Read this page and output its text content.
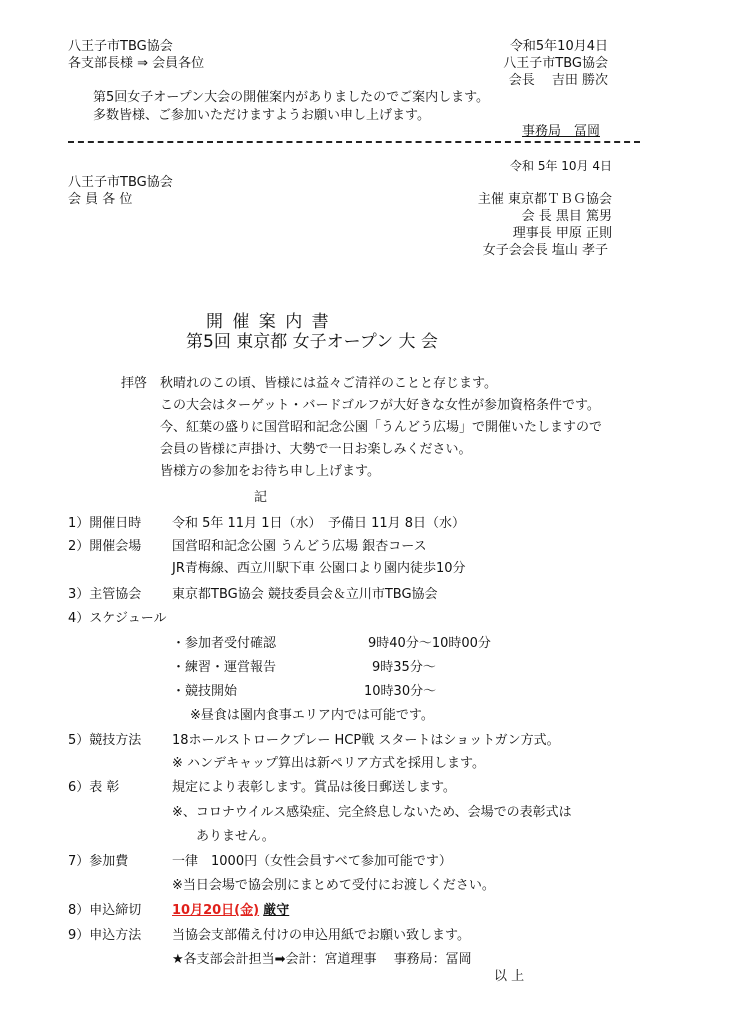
八王子市TBG協会
各支部長様 ⇒ 会員各位
令和5年10月4日
八王子市TBG協会
会長　 吉田 勝次
第5回女子オープン大会の開催案内がありましたのでご案内します。
多数皆様、ご参加いただけますようお願い申し上げます。
事務局　冨岡
令和 5年 10月 4日
八王子市TBG協会
会 員 各 位	主催 東京都ＴＢＧ協会
会 長 黒目 篤男
理事長 甲原 正則
女子会会長 塩山 孝子
開 催 案 内 書
第5回 東京都 女子オープン 大 会
拝啓 秋晴れのこの頃、皆様には益々ご清祥のことと存じます。
この大会はターゲット・バードゴルフが大好きな女性が参加資格条件です。
今、紅葉の盛りに国営昭和記念公園「うんどう広場」で開催いたしますので
会員の皆様に声掛け、大勢で一日お楽しみください。
皆様方の参加をお待ち申し上げます。
記
1）開催日時 令和 5年 11月 1日（水）　予備日 11月 8日（水）
2）開催会場 国営昭和記念公園 うんどう広場 銀杏コース
JR青梅線、西立川駅下車 公園口より園内徒歩10分
3）主管協会 東京都TBG協会 競技委員会＆立川市TBG協会
4）スケジュール
・参加者受付確認	9時40分～10時00分
・練習・運営報告	9時35分～
・競技開始	10時30分～
※昼食は園内食事エリア内では可能です。
5）競技方法 18ホールストロークプレー HCP戦 スタートはショットガン方式。
※ ハンデキャップ算出は新ペリア方式を採用します。
6）表 彰	規定により表彰します。賞品は後日郵送します。
※、コロナウイルス感染症、完全終息しないため、会場での表彰式は
ありません。
7）参加費	一律　1000円（女性会員すべて参加可能です）
※当日会場で協会別にまとめて受付にお渡しください。
8）申込締切 10月20日(金) 厳守
9）申込方法 当協会支部備え付けの申込用紙でお願い致します。
★各支部会計担当➡会計：宮道理事　 事務局：冨岡
以 上
